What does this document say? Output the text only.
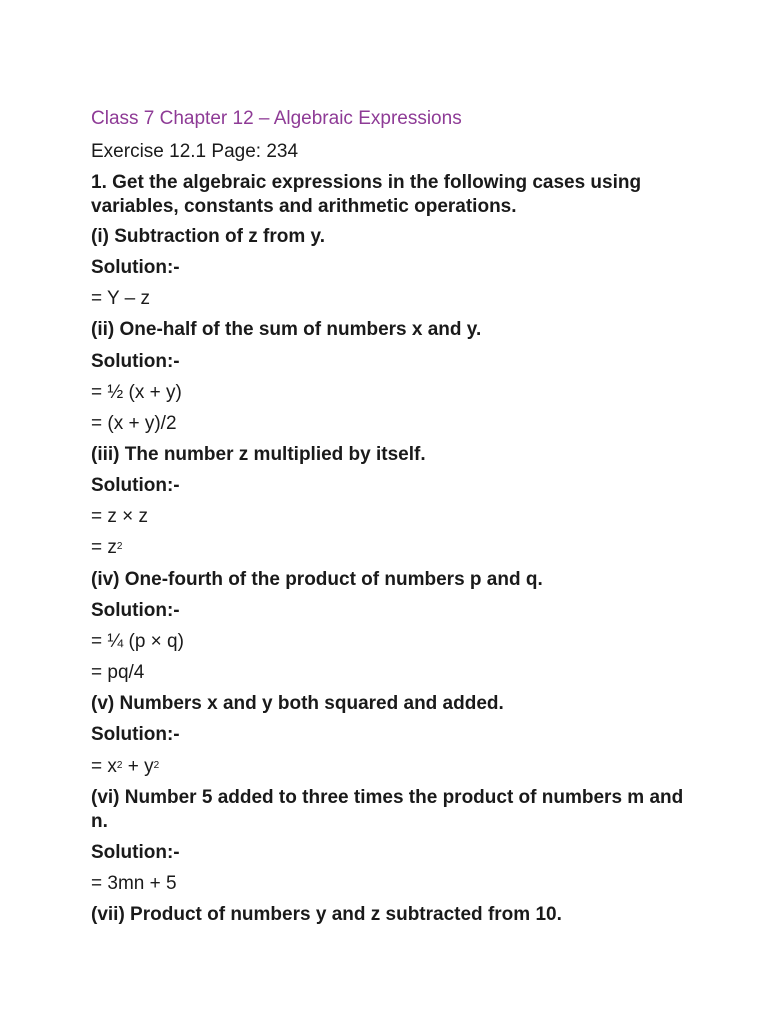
Class 7 Chapter 12 – Algebraic Expressions
Exercise 12.1 Page: 234
1. Get the algebraic expressions in the following cases using variables, constants and arithmetic operations.
(i) Subtraction of z from y.
Solution:-
= Y – z
(ii) One-half of the sum of numbers x and y.
Solution:-
= ½ (x + y)
= (x + y)/2
(iii) The number z multiplied by itself.
Solution:-
= z × z
= $z^2$
(iv) One-fourth of the product of numbers p and q.
Solution:-
= ¼ (p × q)
= pq/4
(v) Numbers x and y both squared and added.
Solution:-
= $x^2 + y^2$
(vi) Number 5 added to three times the product of numbers m and n.
Solution:-
= 3mn + 5
(vii) Product of numbers y and z subtracted from 10.
